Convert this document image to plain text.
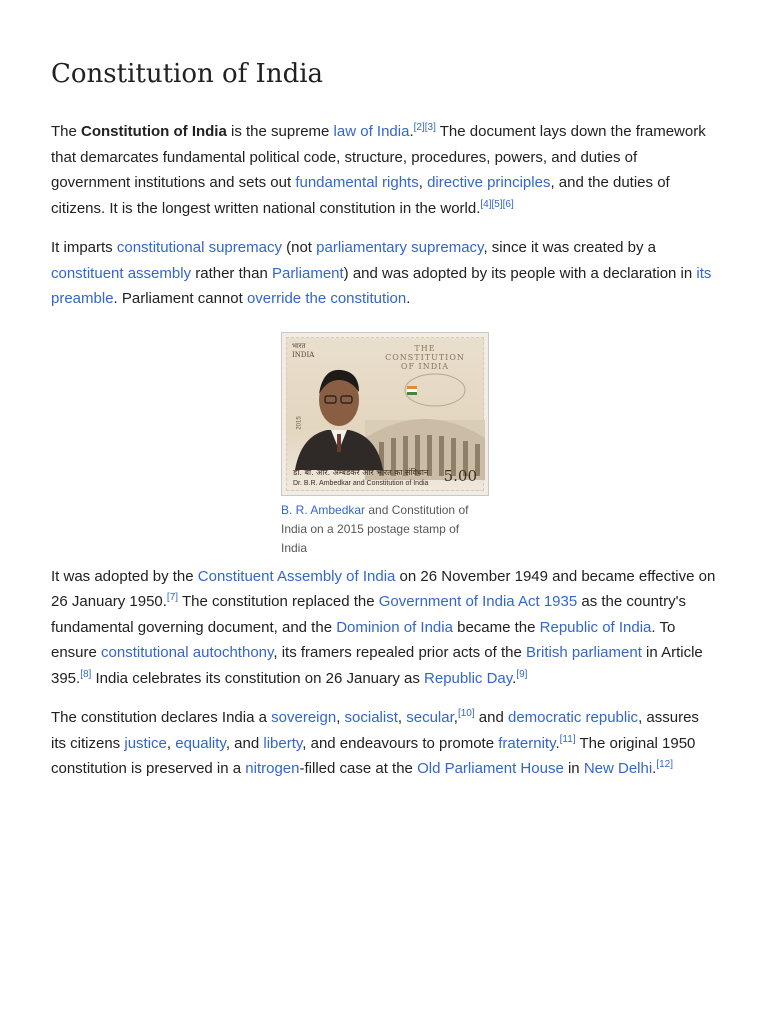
Constitution of India

The Constitution of India is the supreme law of India.[2][3] The document lays down the framework that demarcates fundamental political code, structure, procedures, powers, and duties of government institutions and sets out fundamental rights, directive principles, and the duties of citizens. It is the longest written national constitution in the world.[4][5][6]

It imparts constitutional supremacy (not parliamentary supremacy, since it was created by a constituent assembly rather than Parliament) and was adopted by its people with a declaration in its preamble. Parliament cannot override the constitution.

भारत
INDIA
2015
THE CONSTITUTION OF INDIA
डा. बी. आर. अम्बेडकर और भारत का संविधान
Dr. B.R. Ambedkar and Constitution of India 5.00
B. R. Ambedkar and Constitution of India on a 2015 postage stamp of India

It was adopted by the Constituent Assembly of India on 26 November 1949 and became effective on 26 January 1950.[7] The constitution replaced the Government of India Act 1935 as the country's fundamental governing document, and the Dominion of India became the Republic of India. To ensure constitutional autochthony, its framers repealed prior acts of the British parliament in Article 395.[8] India celebrates its constitution on 26 January as Republic Day.[9]

The constitution declares India a sovereign, socialist, secular,[10] and democratic republic, assures its citizens justice, equality, and liberty, and endeavours to promote fraternity.[11] The original 1950 constitution is preserved in a nitrogen-filled case at the Old Parliament House in New Delhi.[12]
